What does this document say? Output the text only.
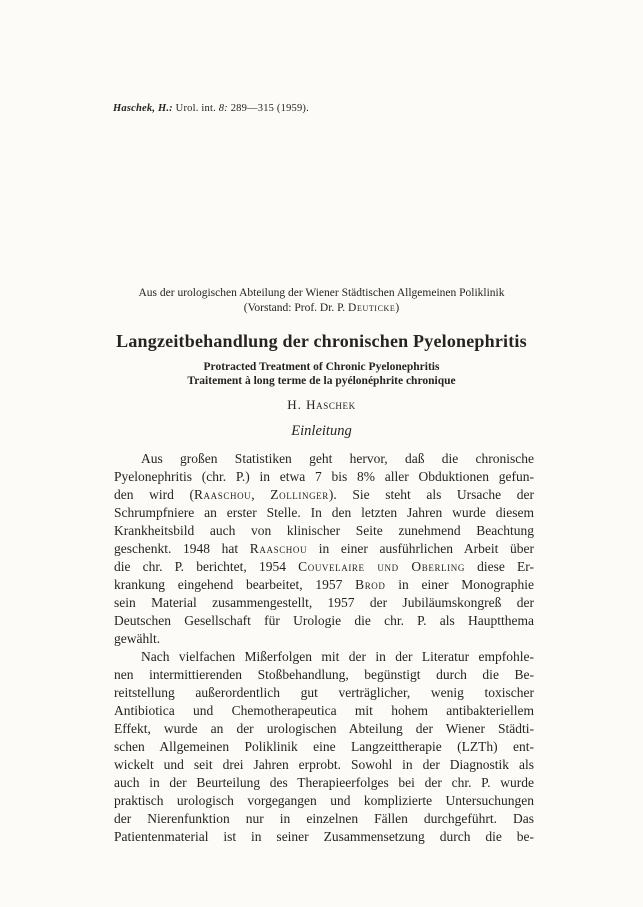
Haschek, H.: Urol. int. 8: 289—315 (1959).
Aus der urologischen Abteilung der Wiener Städtischen Allgemeinen Poliklinik
(Vorstand: Prof. Dr. P. Deuticke)
Langzeitbehandlung der chronischen Pyelonephritis
Protracted Treatment of Chronic Pyelonephritis
Traitement à long terme de la pyélonéphrite chronique
H. Haschek
Einleitung
Aus großen Statistiken geht hervor, daß die chronische
Pyelonephritis (chr. P.) in etwa 7 bis 8% aller Obduktionen gefun-
den wird (Raaschou, Zollinger). Sie steht als Ursache der
Schrumpfniere an erster Stelle. In den letzten Jahren wurde diesem
Krankheitsbild auch von klinischer Seite zunehmend Beachtung
geschenkt. 1948 hat Raaschou in einer ausführlichen Arbeit über
die chr. P. berichtet, 1954 Couvelaire und Oberling diese Er-
krankung eingehend bearbeitet, 1957 Brod in einer Monographie
sein Material zusammengestellt, 1957 der Jubiläumskongreß der
Deutschen Gesellschaft für Urologie die chr. P. als Hauptthema
gewählt.
Nach vielfachen Mißerfolgen mit der in der Literatur empfohle-
nen intermittierenden Stoßbehandlung, begünstigt durch die Be-
reitstellung außerordentlich gut verträglicher, wenig toxischer
Antibiotica und Chemotherapeutica mit hohem antibakteriellem
Effekt, wurde an der urologischen Abteilung der Wiener Städti-
schen Allgemeinen Poliklinik eine Langzeittherapie (LZTh) ent-
wickelt und seit drei Jahren erprobt. Sowohl in der Diagnostik als
auch in der Beurteilung des Therapieerfolges bei der chr. P. wurde
praktisch urologisch vorgegangen und komplizierte Untersuchungen
der Nierenfunktion nur in einzelnen Fällen durchgeführt. Das
Patientenmaterial ist in seiner Zusammensetzung durch die be-
